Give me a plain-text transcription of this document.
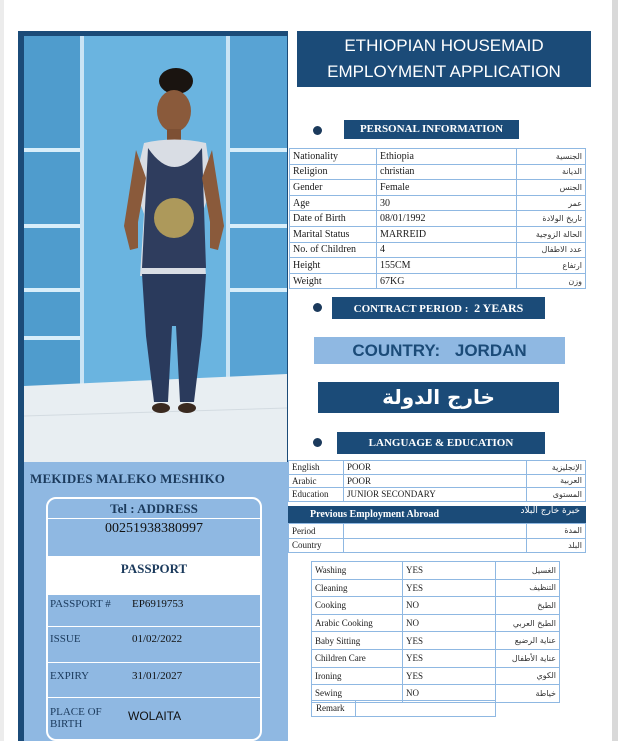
MEKIDES MALEKO MESHIKO
Tel : ADDRESS
00251938380997
PASSPORT
PASSPORT # EP6919753
ISSUE	01/02/2022
EXPIRY	31/01/2027
PLACE OF BIRTH
WOLAITA
ETHIOPIAN HOUSEMAID
EMPLOYMENT APPLICATION
PERSONAL INFORMATION
Nationality	Ethiopia	الجنسية
Religion	christian	الديانة
Gender	Female	الجنس
Age	30	عمر
Date of Birth	08/01/1992	تاريخ الولادة
Marital Status	MARREID	الحالة الزوجية
No. of Children	4	عدد الاطفال
Height	155CM	ارتفاع
Weight	67KG	وزن
CONTRACT PERIOD : 2 YEARS
COUNTRY: JORDAN
خارج الدولة
LANGUAGE & EDUCATION
English	POOR	الإنجليزية
Arabic	POOR	العربية
Education	JUNIOR SECONDARY	المستوى
Previous Employment Abroad	خبرة خارج البلاد
Period		المدة
Country		البلد
Washing	YES	الغسيل
Cleaning	YES	التنظيف
Cooking	NO	الطبخ
Arabic Cooking	NO	الطبخ العربي
Baby Sitting	YES	عناية الرضيع
Children Care	YES	عناية الأطفال
Ironing	YES	الكوي
Sewing	NO	خياطة
Remark
